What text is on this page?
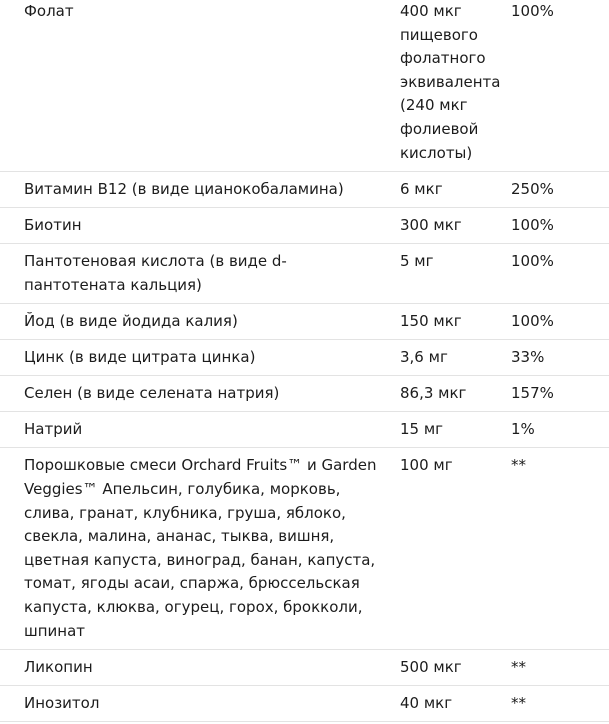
Фолат	400 мкг пищевого фолатного эквивалента (240 мкг фолиевой кислоты)	100%
Витамин B12 (в виде цианокобаламина)	6 мкг	250%
Биотин	300 мкг	100%
Пантотеновая кислота (в виде d-пантотената кальция)	5 мг	100%
Йод (в виде йодида калия)	150 мкг	100%
Цинк (в виде цитрата цинка)	3,6 мг	33%
Селен (в виде селената натрия)	86,3 мкг	157%
Натрий	15 мг	1%
Порошковые смеси Orchard Fruits™ и Garden Veggies™ Апельсин, голубика, морковь, слива, гранат, клубника, груша, яблоко, свекла, малина, ананас, тыква, вишня, цветная капуста, виноград, банан, капуста, томат, ягоды асаи, спаржа, брюссельская капуста, клюква, огурец, горох, брокколи, шпинат	100 мг	**
Ликопин	500 мкг	**
Инозитол	40 мкг	**
